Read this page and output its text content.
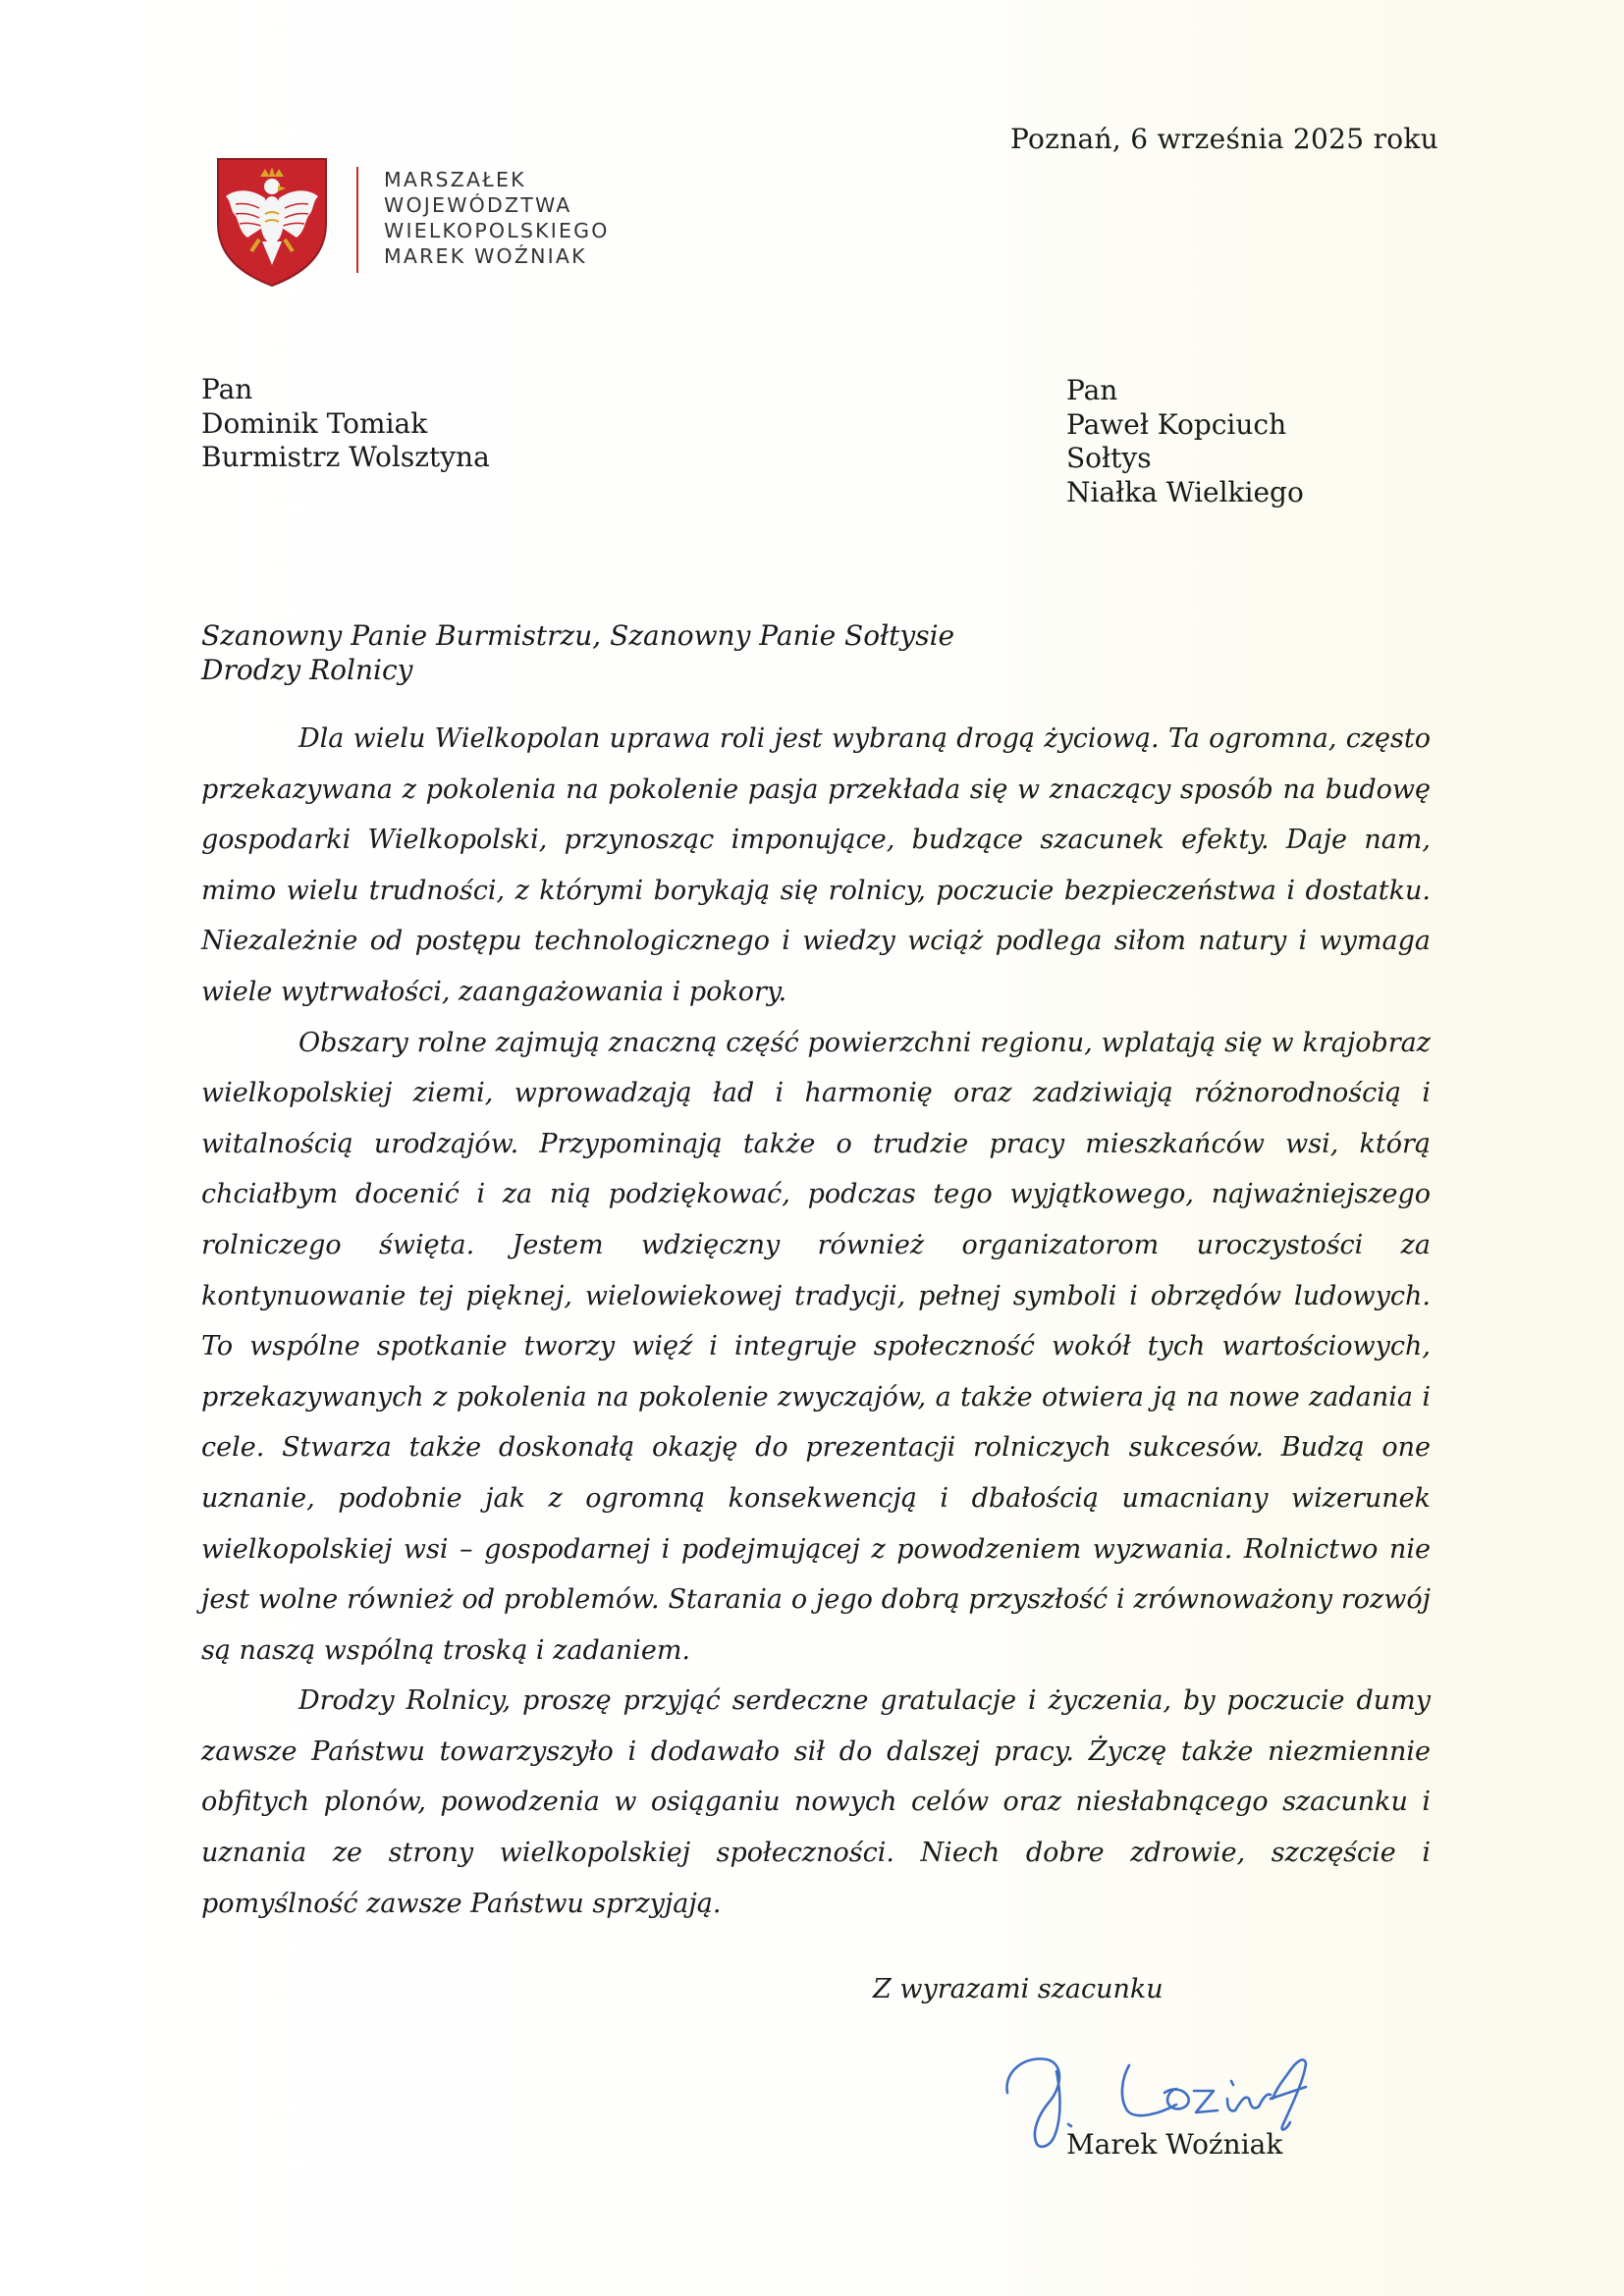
Poznań, 6 września 2025 roku
MARSZAŁEK
WOJEWÓDZTWA
WIELKOPOLSKIEGO
MAREK WOŹNIAK
Pan
Dominik Tomiak
Burmistrz Wolsztyna
Pan
Paweł Kopciuch
Sołtys
Niałka Wielkiego
Szanowny Panie Burmistrzu, Szanowny Panie Sołtysie
Drodzy Rolnicy

Dla wielu Wielkopolan uprawa roli jest wybraną drogą życiową. Ta ogromna, często przekazywana z pokolenia na pokolenie pasja przekłada się w znaczący sposób na budowę gospodarki Wielkopolski, przynosząc imponujące, budzące szacunek efekty. Daje nam, mimo wielu trudności, z którymi borykają się rolnicy, poczucie bezpieczeństwa i dostatku. Niezależnie od postępu technologicznego i wiedzy wciąż podlega siłom natury i wymaga wiele wytrwałości, zaangażowania i pokory.

Obszary rolne zajmują znaczną część powierzchni regionu, wplatają się w krajobraz wielkopolskiej ziemi, wprowadzają ład i harmonię oraz zadziwiają różnorodnością i witalnością urodzajów. Przypominają także o trudzie pracy mieszkańców wsi, którą chciałbym docenić i za nią podziękować, podczas tego wyjątkowego, najważniejszego rolniczego święta. Jestem wdzięczny również organizatorom uroczystości za kontynuowanie tej pięknej, wielowiekowej tradycji, pełnej symboli i obrzędów ludowych. To wspólne spotkanie tworzy więź i integruje społeczność wokół tych wartościowych, przekazywanych z pokolenia na pokolenie zwyczajów, a także otwiera ją na nowe zadania i cele. Stwarza także doskonałą okazję do prezentacji rolniczych sukcesów. Budzą one uznanie, podobnie jak z ogromną konsekwencją i dbałością umacniany wizerunek wielkopolskiej wsi – gospodarnej i podejmującej z powodzeniem wyzwania. Rolnictwo nie jest wolne również od problemów. Starania o jego dobrą przyszłość i zrównoważony rozwój są naszą wspólną troską i zadaniem.

Drodzy Rolnicy, proszę przyjąć serdeczne gratulacje i życzenia, by poczucie dumy zawsze Państwu towarzyszyło i dodawało sił do dalszej pracy. Życzę także niezmiennie obfitych plonów, powodzenia w osiąganiu nowych celów oraz niesłabnącego szacunku i uznania ze strony wielkopolskiej społeczności. Niech dobre zdrowie, szczęście i pomyślność zawsze Państwu sprzyjają.

Z wyrazami szacunku
Marek Woźniak
